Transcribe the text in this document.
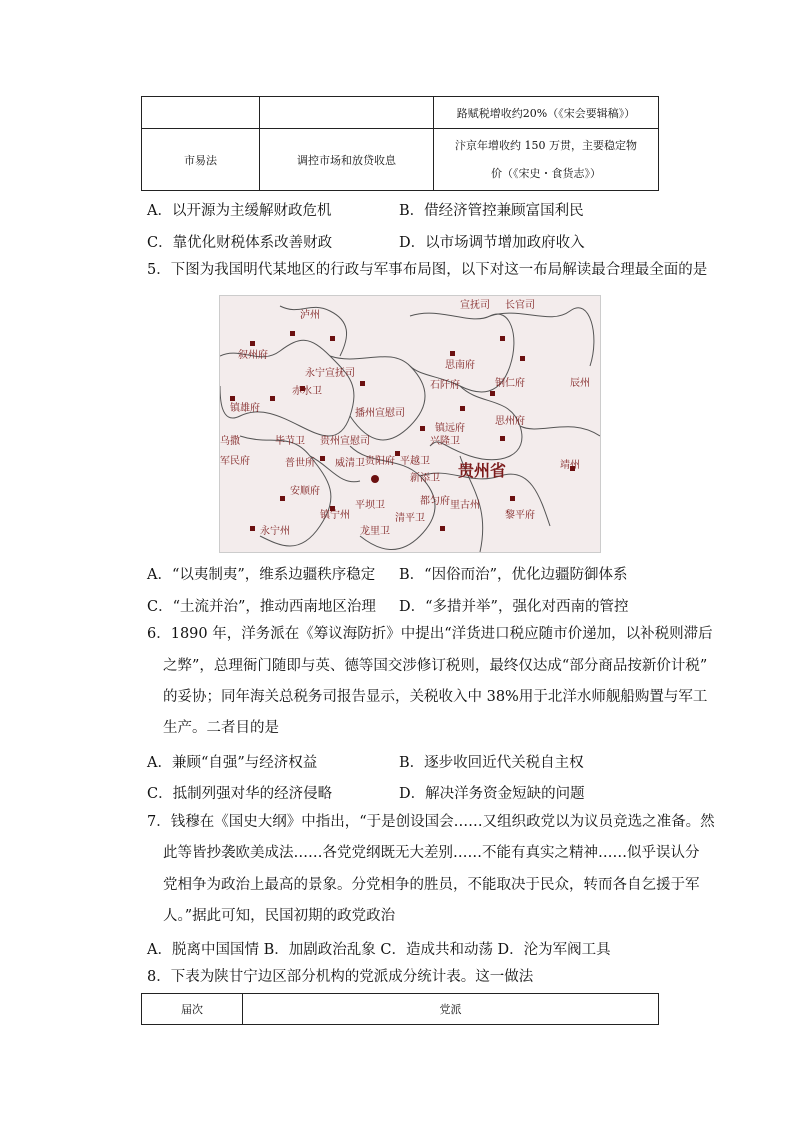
		路赋税增收约20%（《宋会要辑稿》）
市易法	调控市场和放贷收息	汴京年增收约 150 万贯，主要稳定物
价（《宋史・食货志》）
A．以开源为主缓解财政危机	B．借经济管控兼顾富国利民
C．靠优化财税体系改善财政	D．以市场调节增加政府收入
5．下图为我国明代某地区的行政与军事布局图，以下对这一布局解读最合理最全面的是
宣抚司 长官司
泸州
叙州府
思南府
永宁宣抚司
赤水卫
石阡府	铜仁府	辰州
镇雄府	播州宣慰司
乌撒
军民府
毕节卫 贵州宣慰司	兴隆卫
镇远府
普世所 威清卫 贵阳府 平越卫	靖州
思州府
安顺府
镇宁州
平坝卫
龙里卫
都匀府 里古州
黎平府
永宁州
新添卫
清平卫
贵州省
A．“以夷制夷”，维系边疆秩序稳定 B．“因俗而治”，优化边疆防御体系
C．“土流并治”，推动西南地区治理 D．“多措并举”，强化对西南的管控
6．1890 年，洋务派在《筹议海防折》中提出“洋货进口税应随市价递加，以补税则滞后
之弊”，总理衙门随即与英、德等国交涉修订税则，最终仅达成“部分商品按新价计税”
的妥协；同年海关总税务司报告显示，关税收入中 38%用于北洋水师舰船购置与军工
生产。二者目的是
A．兼顾“自强”与经济权益	B．逐步收回近代关税自主权
C．抵制列强对华的经济侵略	D．解决洋务资金短缺的问题
7．钱穆在《国史大纲》中指出，“于是创设国会……又组织政党以为议员竞选之准备。然
此等皆抄袭欧美成法……各党党纲既无大差别……不能有真实之精神……似乎误认分
党相争为政治上最高的景象。分党相争的胜员，不能取决于民众，转而各自乞援于军
人。”据此可知，民国初期的政党政治
A．脱离中国国情 B．加剧政治乱象 C．造成共和动荡 D．沦为军阀工具
8．下表为陕甘宁边区部分机构的党派成分统计表。这一做法
届次	党派
